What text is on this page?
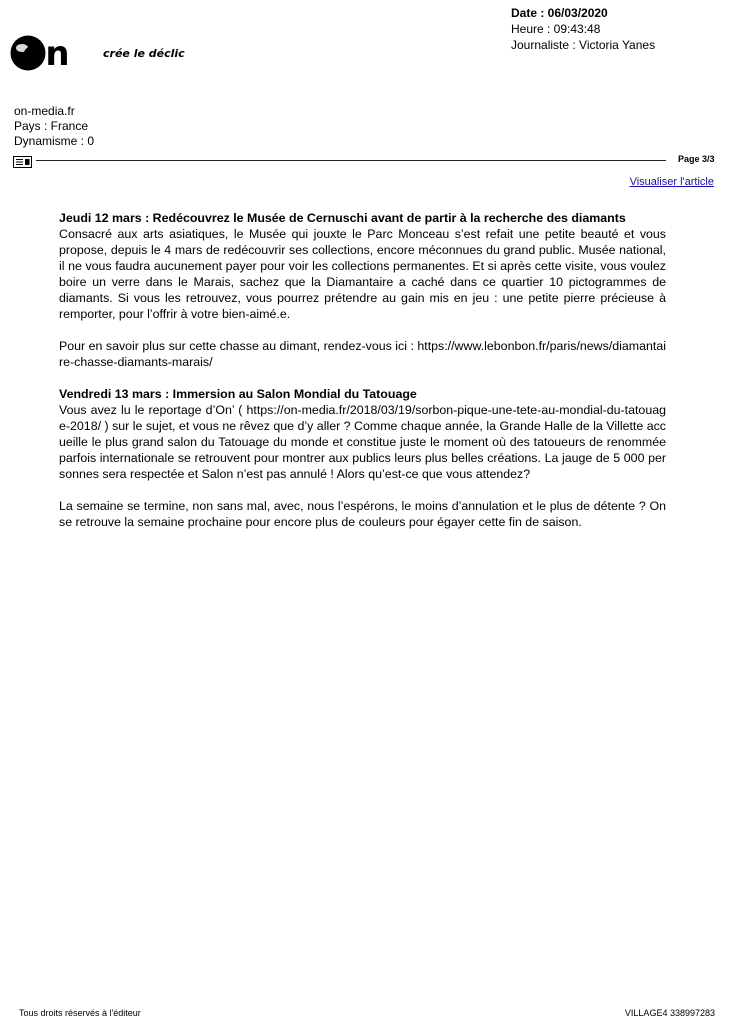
Date : 06/03/2020
Heure : 09:43:48
Journaliste : Victoria Yanes
on	crée le déclic
on-media.fr
Pays : France
Dynamisme : 0
Page 3/3
Visualiser l'article

Jeudi 12 mars : Redécouvrez le Musée de Cernuschi avant de partir à la recherche des diamants

Consacré aux arts asiatiques, le Musée qui jouxte le Parc Monceau s’est refait une petite beauté et vous propose, depuis le 4 mars de redécouvrir ses collections, encore méconnues du grand public. Musée national, il ne vous faudra aucunement payer pour voir les collections permanentes. Et si après cette visite, vous voulez boire un verre dans le Marais, sachez que la Diamantaire a caché dans ce quartier 10 pictogrammes de diamants. Si vous les retrouvez, vous pourrez prétendre au gain mis en jeu : une petite pierre précieuse à remporter, pour l’offrir à votre bien-aimé.e.

Pour en savoir plus sur cette chasse au dimant, rendez-vous ici : https://www.lebonbon.fr/paris/news/diamantaire-chasse-diamants-marais/

Vendredi 13 mars : Immersion au Salon Mondial du Tatouage

Vous avez lu le reportage d’On’ ( https://on-media.fr/2018/03/19/sorbon-pique-une-tete-au-mondial-du-tatouage-2018/ ) sur le sujet, et vous ne rêvez que d’y aller ? Comme chaque année, la Grande Halle de la Villette accueille le plus grand salon du Tatouage du monde et constitue juste le moment où des tatoueurs de renommée parfois internationale se retrouvent pour montrer aux publics leurs plus belles créations. La jauge de 5 000 personnes sera respectée et Salon n’est pas annulé ! Alors qu’est-ce que vous attendez?

La semaine se termine, non sans mal, avec, nous l’espérons, le moins d’annulation et le plus de détente ? On se retrouve la semaine prochaine pour encore plus de couleurs pour égayer cette fin de saison.

Tous droits réservés à l'éditeur	VILLAGE4 338997283
